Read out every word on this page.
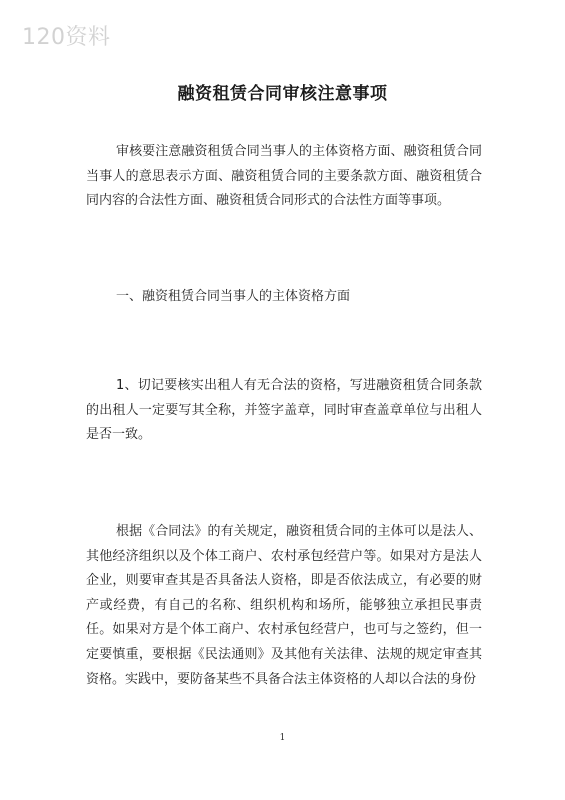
120资料
融资租赁合同审核注意事项

审核要注意融资租赁合同当事人的主体资格方面、融资租赁合同当事人的意思表示方面、融资租赁合同的主要条款方面、融资租赁合同内容的合法性方面、融资租赁合同形式的合法性方面等事项。

一、融资租赁合同当事人的主体资格方面

1、切记要核实出租人有无合法的资格，写进融资租赁合同条款的出租人一定要写其全称，并签字盖章，同时审查盖章单位与出租人是否一致。

根据《合同法》的有关规定，融资租赁合同的主体可以是法人、其他经济组织以及个体工商户、农村承包经营户等。如果对方是法人企业，则要审查其是否具备法人资格，即是否依法成立，有必要的财产或经费，有自己的名称、组织机构和场所，能够独立承担民事责任。如果对方是个体工商户、农村承包经营户，也可与之签约，但一定要慎重，要根据《民法通则》及其他有关法律、法规的规定审查其资格。实践中，要防备某些不具备合法主体资格的人却以合法的身份

1
